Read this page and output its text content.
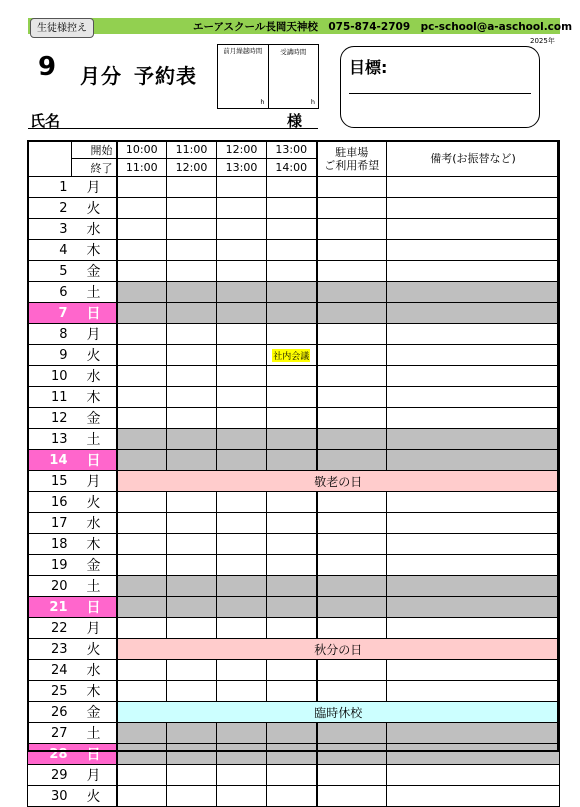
エーアスクール長岡天神校　075-874-2709　pc-school@a-aschool.com
生徒様控え
2025年
9 月分 予約表
前月繰越時間
h
受講時間
h
目標:
氏名	様
	開始	10:00	11:00	12:00	13:00	駐車場
ご利用希望	備考(お振替など)
	終了	11:00	12:00	13:00	14:00		
1	月						
2	火						
3	水						
4	木						
5	金						
6	土						
7	日						
8	月						
9	火				社内会議		
10	水						
11	木						
12	金						
13	土						
14	日						
15	月	敬老の日					
16	火						
17	水						
18	木						
19	金						
20	土						
21	日						
22	月						
23	火	秋分の日					
24	水						
25	木						
26	金	臨時休校					
27	土						
28	日						
29	月						
30	火						
